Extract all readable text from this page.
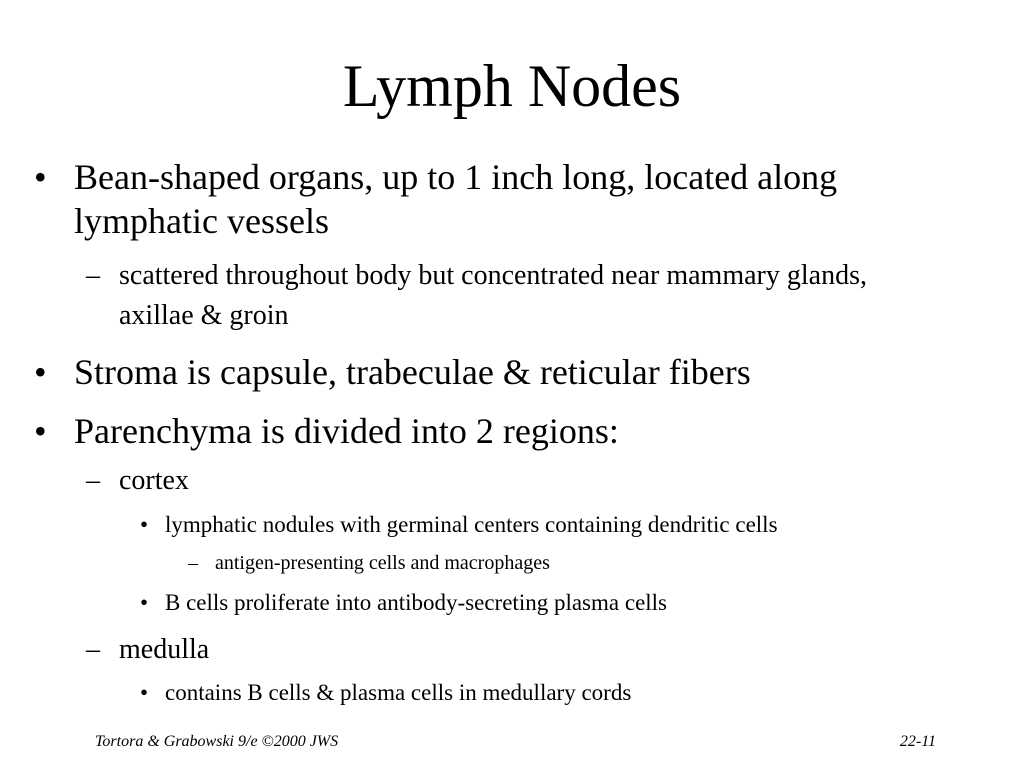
Lymph Nodes
• Bean-shaped organs, up to 1 inch long, located along lymphatic vessels
– scattered throughout body but concentrated near mammary glands, axillae & groin
• Stroma is capsule, trabeculae & reticular fibers
• Parenchyma is divided into 2 regions:
– cortex
• lymphatic nodules with germinal centers containing dendritic cells
– antigen-presenting cells and macrophages
• B cells proliferate into antibody-secreting plasma cells
– medulla
• contains B cells & plasma cells in medullary cords
Tortora & Grabowski 9/e ©2000 JWS	22-11
